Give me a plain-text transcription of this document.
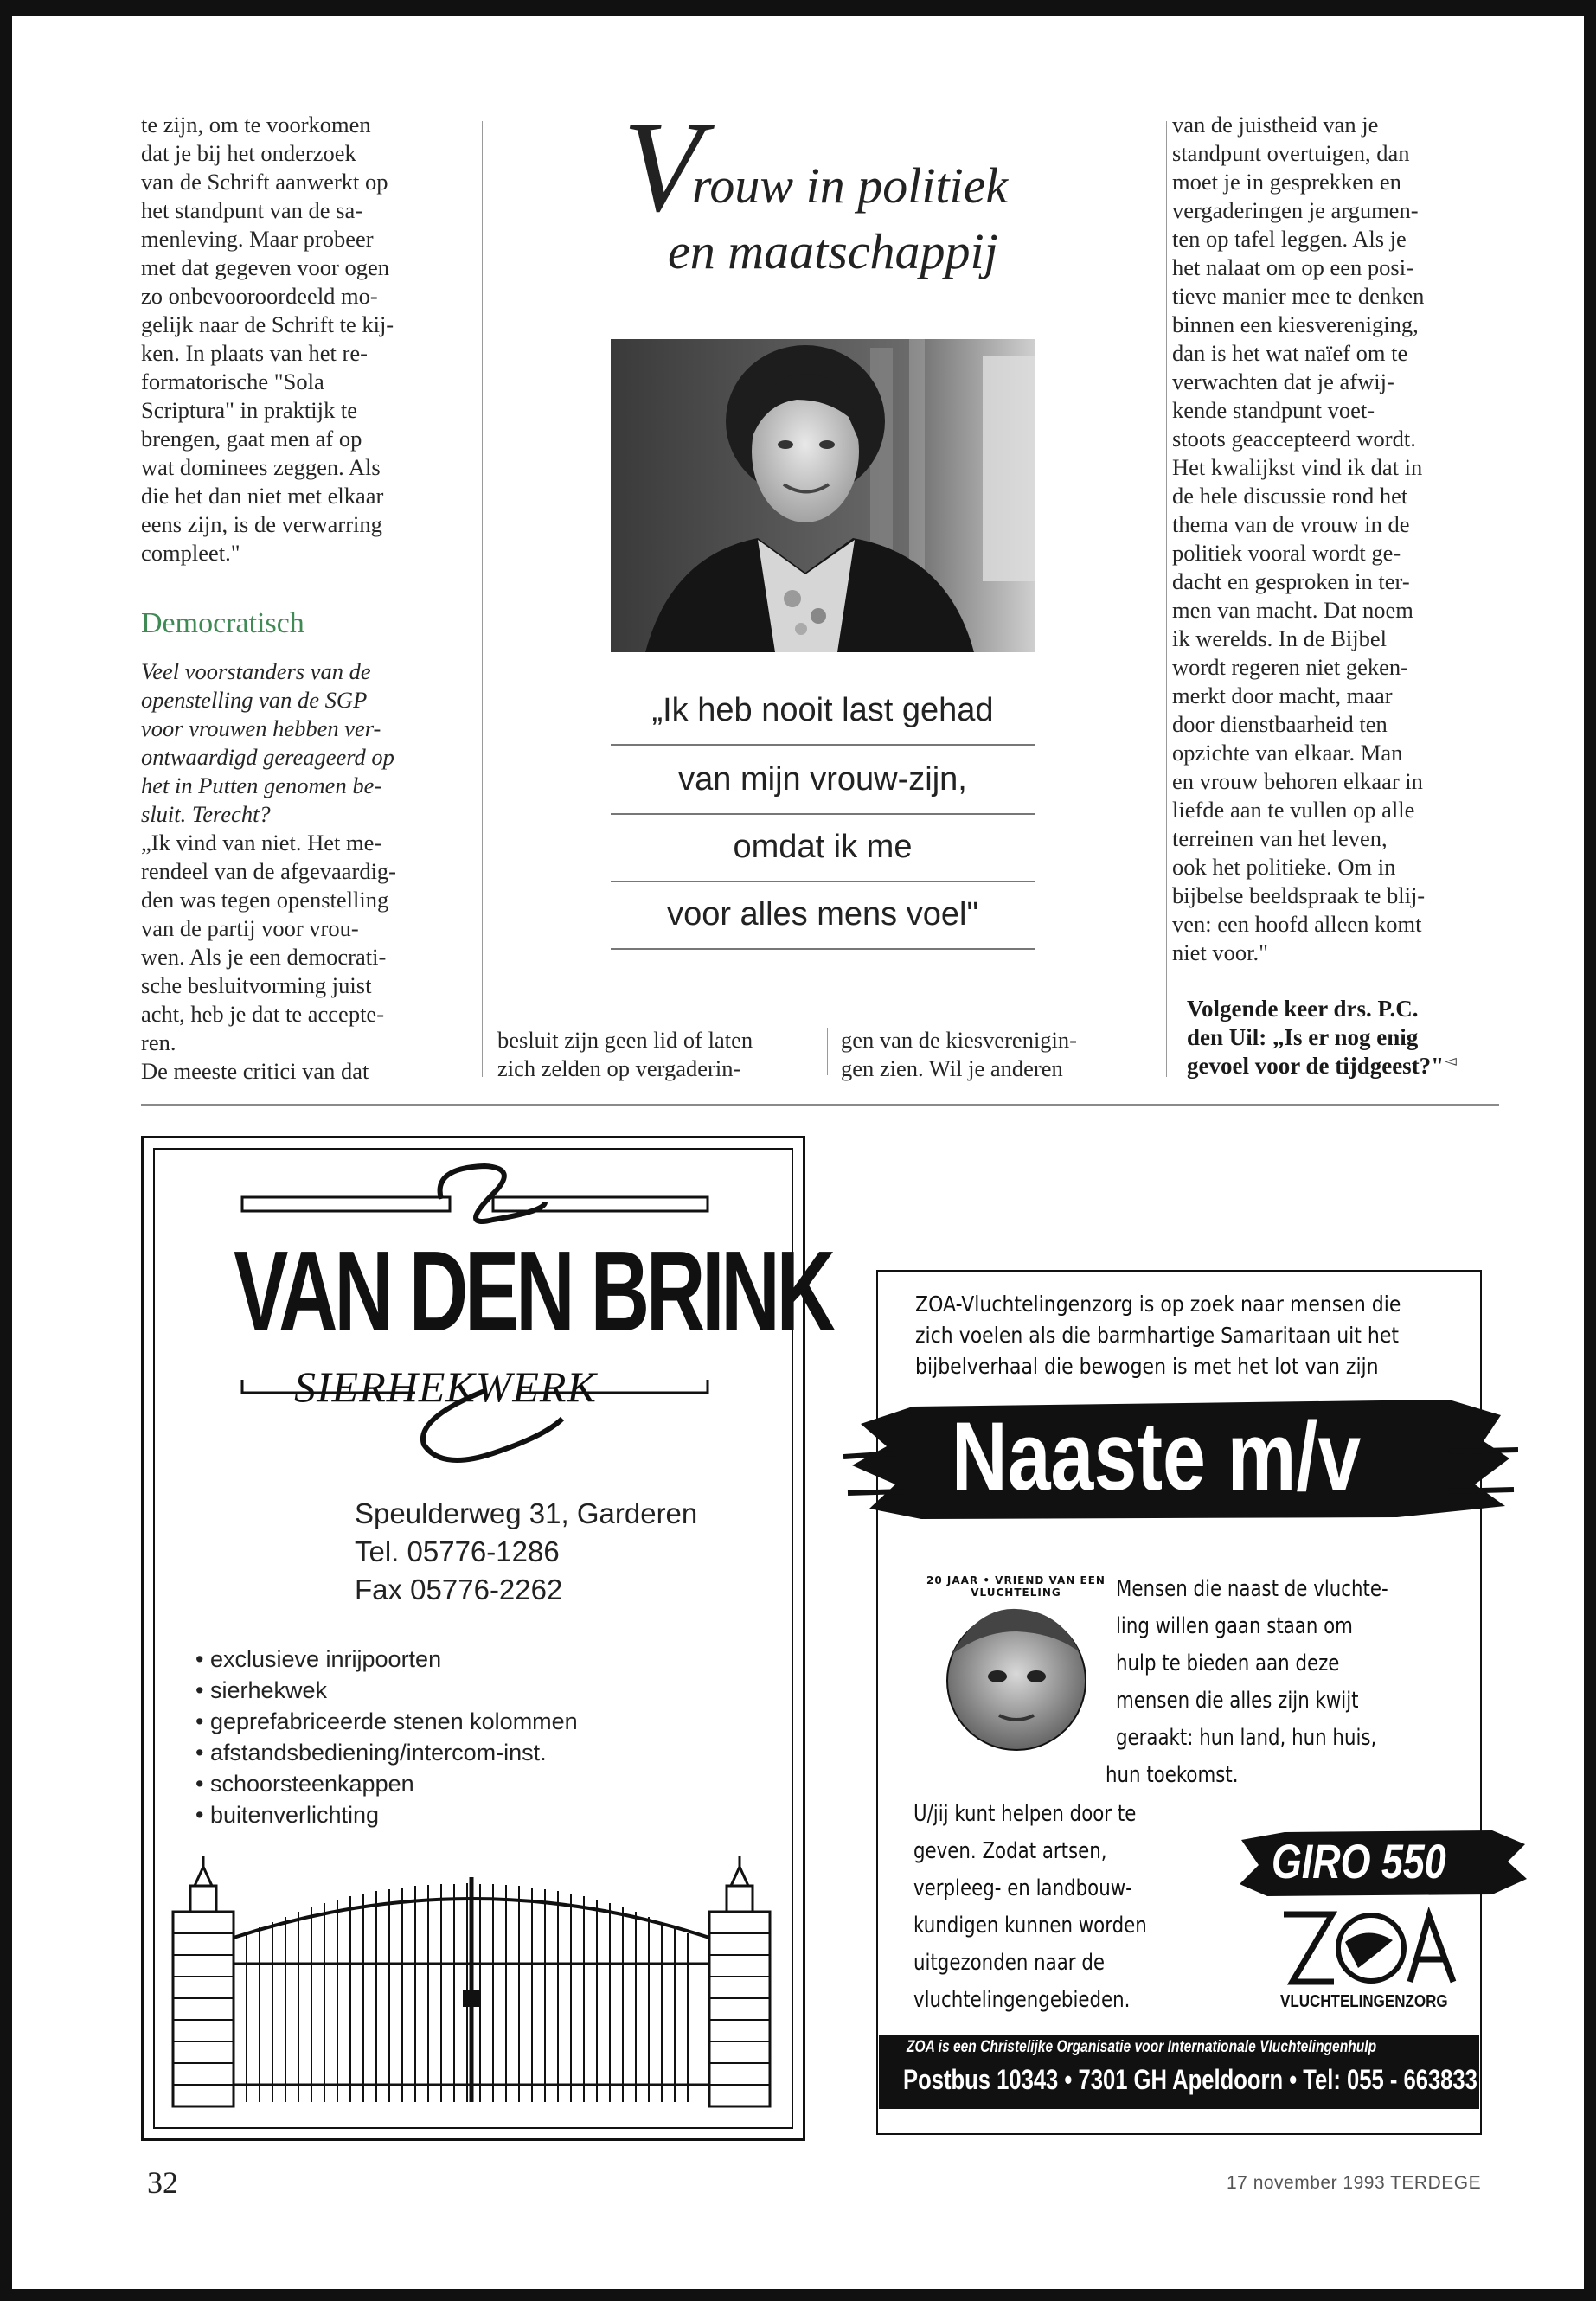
te zijn, om te voorkomen
dat je bij het onderzoek
van de Schrift aanwerkt op
het standpunt van de sa-
menleving. Maar probeer
met dat gegeven voor ogen
zo onbevooroordeeld mo-
gelijk naar de Schrift te kij-
ken. In plaats van het re-
formatorische "Sola
Scriptura" in praktijk te
brengen, gaat men af op
wat dominees zeggen. Als
die het dan niet met elkaar
eens zijn, is de verwarring
compleet."
Democratisch
Veel voorstanders van de
openstelling van de SGP
voor vrouwen hebben ver-
ontwaardigd gereageerd op
het in Putten genomen be-
sluit. Terecht?
„Ik vind van niet. Het me-
rendeel van de afgevaardig-
den was tegen openstelling
van de partij voor vrou-
wen. Als je een democrati-
sche besluitvorming juist
acht, heb je dat te accepte-
ren.
De meeste critici van dat
V
rouw in politiek
en maatschappij
„Ik heb nooit last gehad
van mijn vrouw-zijn,
omdat ik me
voor alles mens voel"
besluit zijn geen lid of laten
zich zelden op vergaderin-
gen van de kiesverenigin-
gen zien. Wil je anderen
van de juistheid van je
standpunt overtuigen, dan
moet je in gesprekken en
vergaderingen je argumen-
ten op tafel leggen. Als je
het nalaat om op een posi-
tieve manier mee te denken
binnen een kiesvereniging,
dan is het wat naïef om te
verwachten dat je afwij-
kende standpunt voet-
stoots geaccepteerd wordt.
Het kwalijkst vind ik dat in
de hele discussie rond het
thema van de vrouw in de
politiek vooral wordt ge-
dacht en gesproken in ter-
men van macht. Dat noem
ik werelds. In de Bijbel
wordt regeren niet geken-
merkt door macht, maar
door dienstbaarheid ten
opzichte van elkaar. Man
en vrouw behoren elkaar in
liefde aan te vullen op alle
terreinen van het leven,
ook het politieke. Om in
bijbelse beeldspraak te blij-
ven: een hoofd alleen komt
niet voor."
Volgende keer drs. P.C.
den Uil: „Is er nog enig
gevoel voor de tijdgeest?" ◅
VAN DEN BRINK
SIERHEKWERK
Speulderweg 31, Garderen
Tel. 05776-1286
Fax 05776-2262
• exclusieve inrijpoorten
• sierhekwek
• geprefabriceerde stenen kolommen
• afstandsbediening/intercom-inst.
• schoorsteenkappen
• buitenverlichting
ZOA-Vluchtelingenzorg is op zoek naar mensen die
zich voelen als die barmhartige Samaritaan uit het
bijbelverhaal die bewogen is met het lot van zijn
Naaste m/v
20 JAAR • VRIEND VAN EEN VLUCHTELING	Mensen die naast de vluchte-
ling willen gaan staan om
hulp te bieden aan deze
mensen die alles zijn kwijt
geraakt: hun land, hun huis,
hun toekomst.
U/jij kunt helpen door te
geven. Zodat artsen,
verpleeg- en landbouw-
kundigen kunnen worden
uitgezonden naar de
vluchtelingengebieden.
GIRO 550
VLUCHTELINGENZORG
ZOA is een Christelijke Organisatie voor Internationale Vluchtelingenhulp
Postbus 10343 • 7301 GH Apeldoorn • Tel: 055 - 663833
32	17 november 1993 TERDEGE
